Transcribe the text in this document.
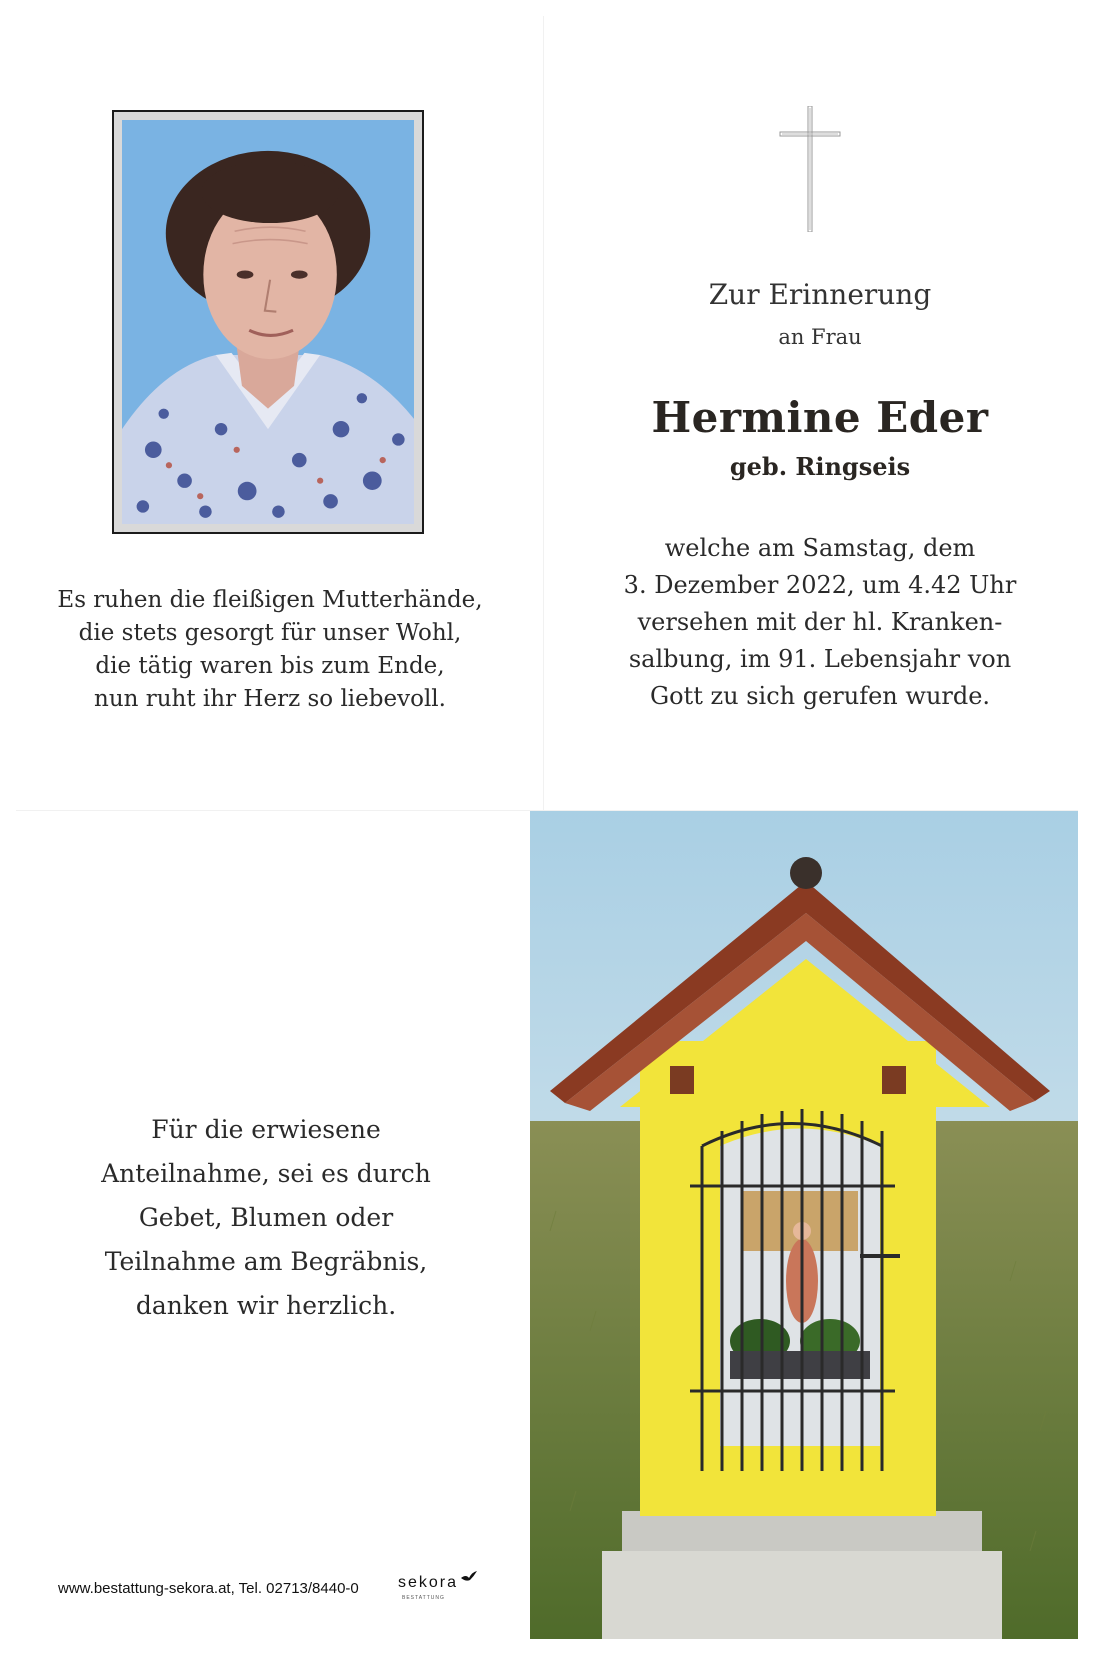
Es ruhen die fleißigen Mutterhände,
die stets gesorgt für unser Wohl,
die tätig waren bis zum Ende,
nun ruht ihr Herz so liebevoll.
Zur Erinnerung
an Frau
Hermine Eder
geb. Ringseis
welche am Samstag, dem
3. Dezember 2022, um 4.42 Uhr
versehen mit der hl. Kranken-
salbung, im 91. Lebensjahr von
Gott zu sich gerufen wurde.
Für die erwiesene
Anteilnahme, sei es durch
Gebet, Blumen oder
Teilnahme am Begräbnis,
danken wir herzlich.
www.bestattung-sekora.at, Tel. 02713/8440-0 sekora
BESTATTUNG
